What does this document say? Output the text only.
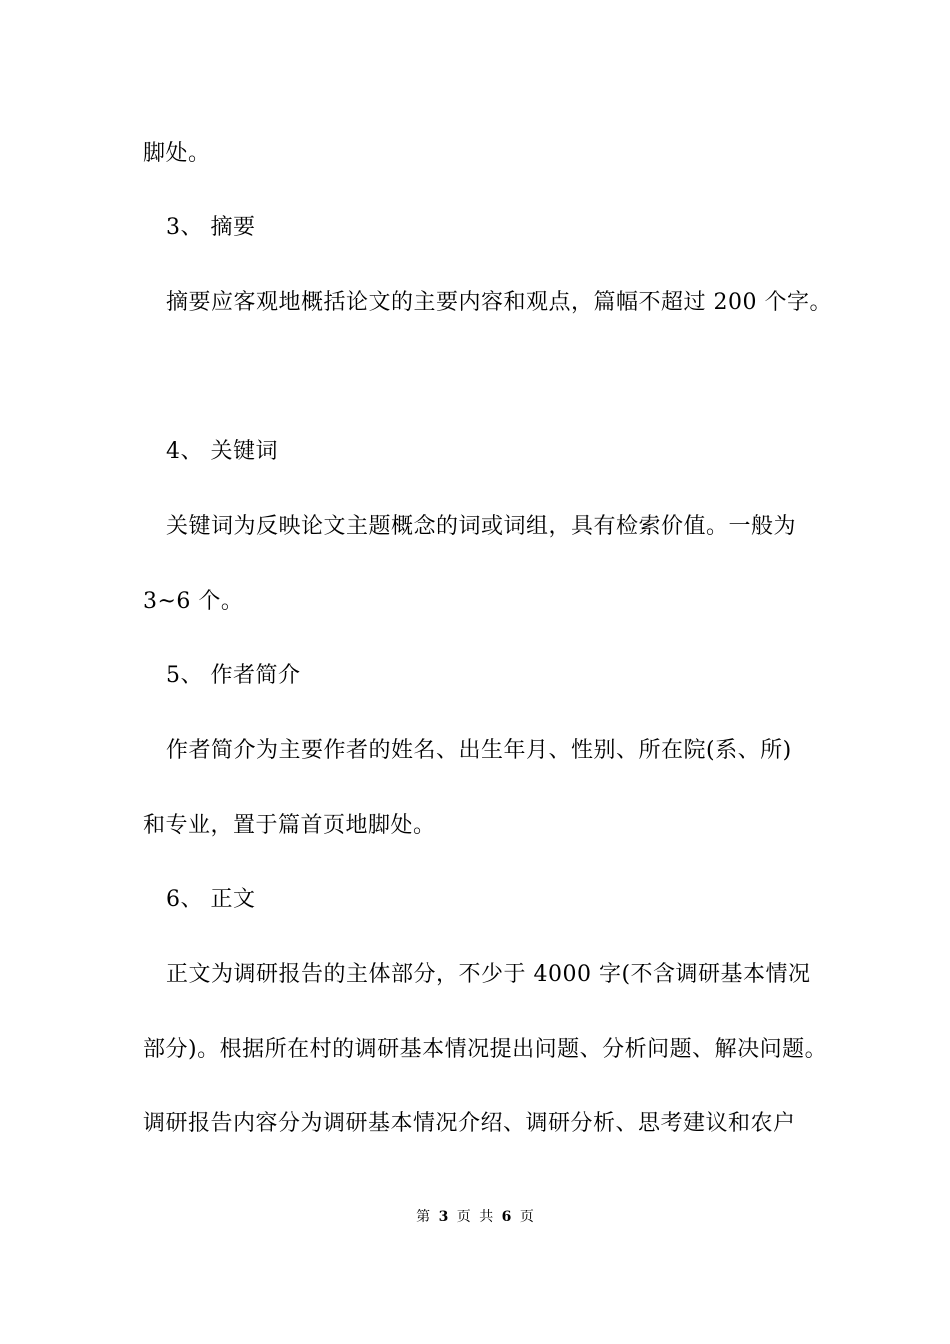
脚处。
3、 摘要
摘要应客观地概括论文的主要内容和观点，篇幅不超过 200 个字。
4、 关键词
关键词为反映论文主题概念的词或词组，具有检索价值。一般为
3~6 个。
5、 作者简介
作者简介为主要作者的姓名、出生年月、性别、所在院(系、所)
和专业，置于篇首页地脚处。
6、 正文
正文为调研报告的主体部分，不少于 4000 字(不含调研基本情况
部分)。根据所在村的调研基本情况提出问题、分析问题、解决问题。
调研报告内容分为调研基本情况介绍、调研分析、思考建议和农户
第 3 页 共 6 页
